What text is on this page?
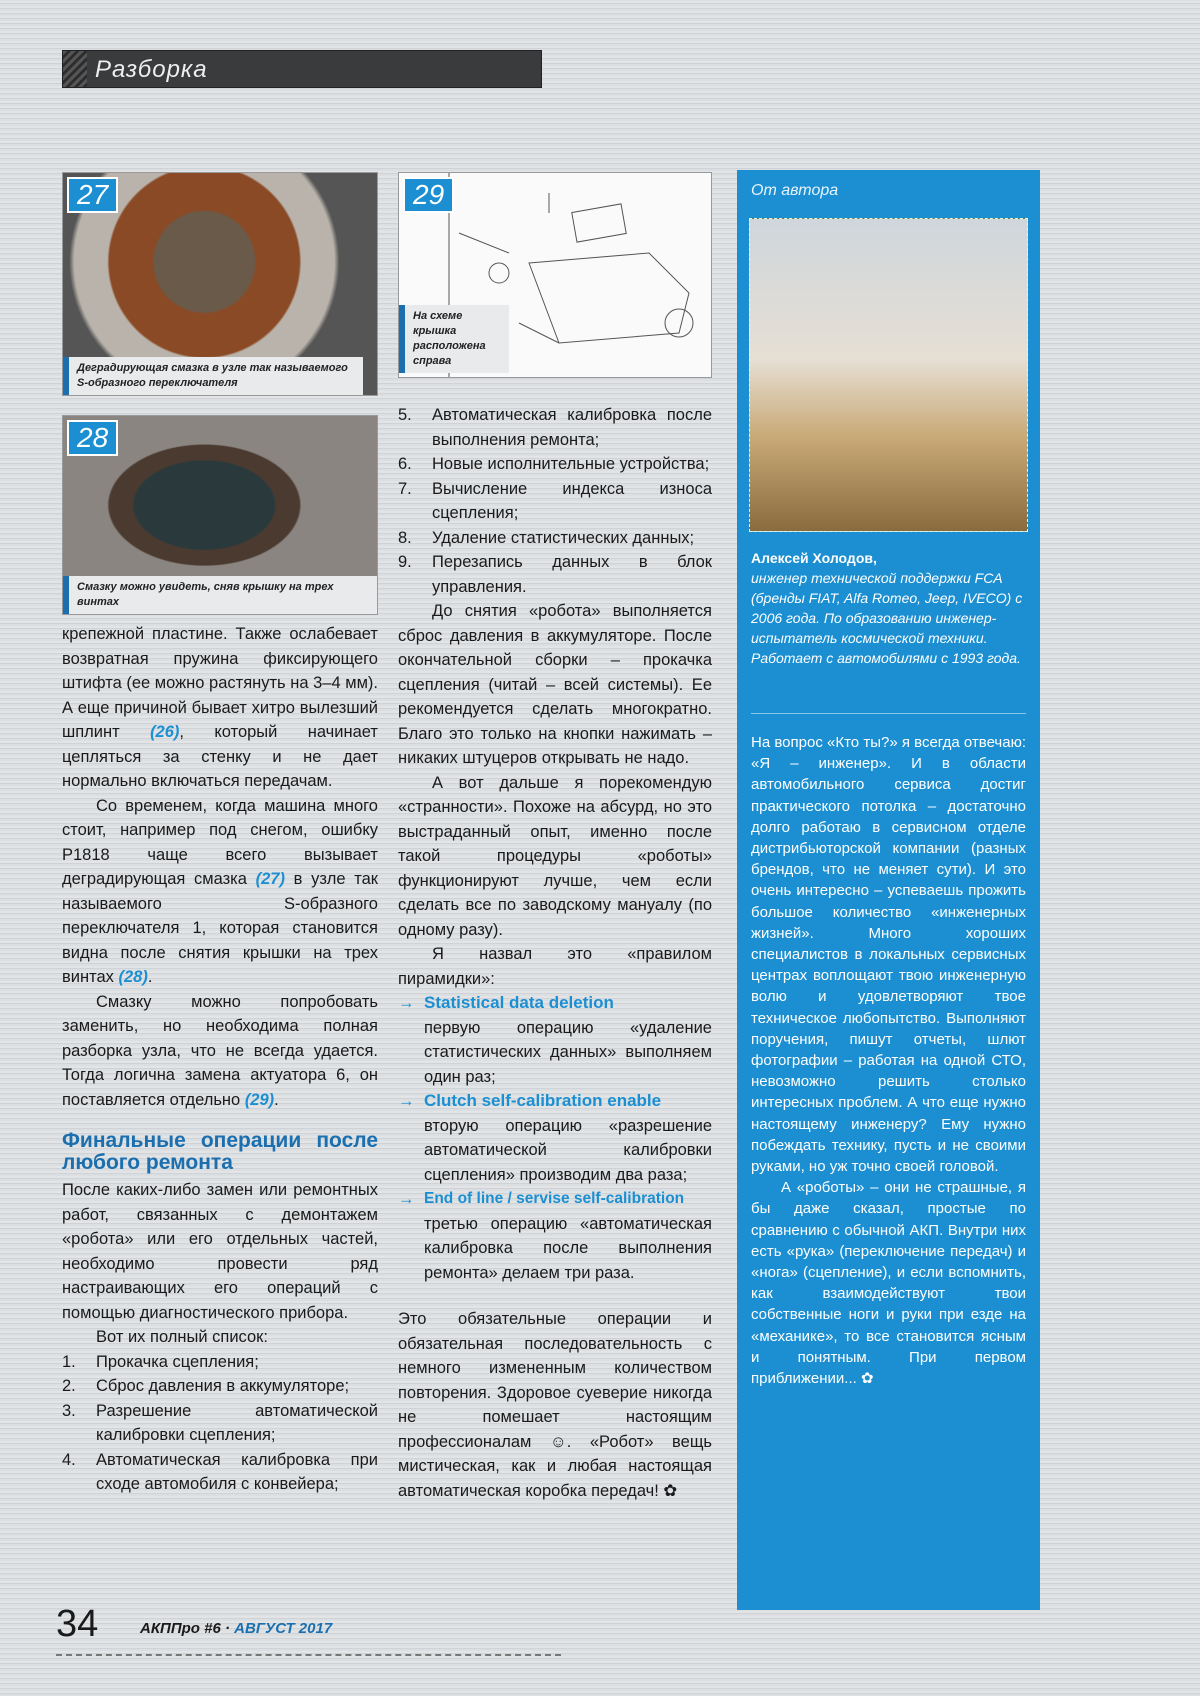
Разборка
27
Деградирующая смазка в узле так называемого S-образного переключателя
28
Смазку можно увидеть, сняв крышку на трех винтах
29
На схеме крышка расположена справа

крепежной пластине. Также ослабевает возвратная пружина фиксирующего штифта (ее можно растянуть на 3–4 мм). А еще причиной бывает хитро вылезший шплинт (26), который начинает цепляться за стенку и не дает нормально включаться передачам.

Со временем, когда машина много стоит, например под снегом, ошибку P1818 чаще всего вызывает деградирующая смазка (27) в узле так называемого S-образного переключателя 1, которая становится видна после снятия крышки на трех винтах (28).

Смазку можно попробовать заменить, но необходима полная разборка узла, что не всегда удается. Тогда логична замена актуатора 6, он поставляется отдельно (29).

Финальные операции после любого ремонта

После каких-либо замен или ремонтных работ, связанных с демонтажем «робота» или его отдельных частей, необходимо провести ряд настраивающих его операций с помощью диагностического прибора.

Вот их полный список:

1.	Прокачка сцепления;
2.	Сброс давления в аккумуляторе;
3.	Разрешение автоматической калибровки сцепления;
4.	Автоматическая калибровка при сходе автомобиля с конвейера;
5.	Автоматическая калибровка после выполнения ремонта;
6.	Новые исполнительные устройства;
7.	Вычисление индекса износа сцепления;
8.	Удаление статистических данных;
9.	Перезапись данных в блок управления.

До снятия «робота» выполняется сброс давления в аккумуляторе. После окончательной сборки – прокачка сцепления (читай – всей системы). Ее рекомендуется сделать многократно. Благо это только на кнопки нажимать – никаких штуцеров открывать не надо.

А вот дальше я порекомендую «странности». Похоже на абсурд, но это выстраданный опыт, именно после такой процедуры «роботы» функционируют лучше, чем если сделать все по заводскому мануалу (по одному разу).

Я назвал это «правилом пирамидки»:

→ Statistical data deletion
первую операцию «удаление статистических данных» выполняем один раз;
→ Clutch self-calibration enable
вторую операцию «разрешение автоматической калибровки сцепления» производим два раза;
→ End of line / servise self-calibration
третью операцию «автоматическая калибровка после выполнения ремонта» делаем три раза.

Это обязательные операции и обязательная последовательность с немного измененным количеством повторения. Здоровое суеверие никогда не помешает настоящим профессионалам ☺. «Робот» вещь мистическая, как и любая настоящая автоматическая коробка передач! ✿

От автора
Алексей Холодов,
инженер технической поддержки FCA (бренды FIAT, Alfa Romeo, Jeep, IVECO) с 2006 года. По образованию инженер-испытатель космической техники. Работает с автомобилями с 1993 года.

На вопрос «Кто ты?» я всегда отвечаю: «Я – инженер». И в области автомобильного сервиса достиг практического потолка – достаточно долго работаю в сервисном отделе дистрибьюторской компании (разных брендов, что не меняет сути). И это очень интересно – успеваешь прожить большое количество «инженерных жизней». Много хороших специалистов в локальных сервисных центрах воплощают твою инженерную волю и удовлетворяют твое техническое любопытство. Выполняют поручения, пишут отчеты, шлют фотографии – работая на одной СТО, невозможно решить столько интересных проблем. А что еще нужно настоящему инженеру? Ему нужно побеждать технику, пусть и не своими руками, но уж точно своей головой.

А «роботы» – они не страшные, я бы даже сказал, простые по сравнению с обычной АКП. Внутри них есть «рука» (переключение передач) и «нога» (сцепление), и если вспомнить, как взаимодействуют твои собственные ноги и руки при езде на «механике», то все становится ясным и понятным. При первом приближении... ✿

34	АКППро #6 · АВГУСТ 2017
